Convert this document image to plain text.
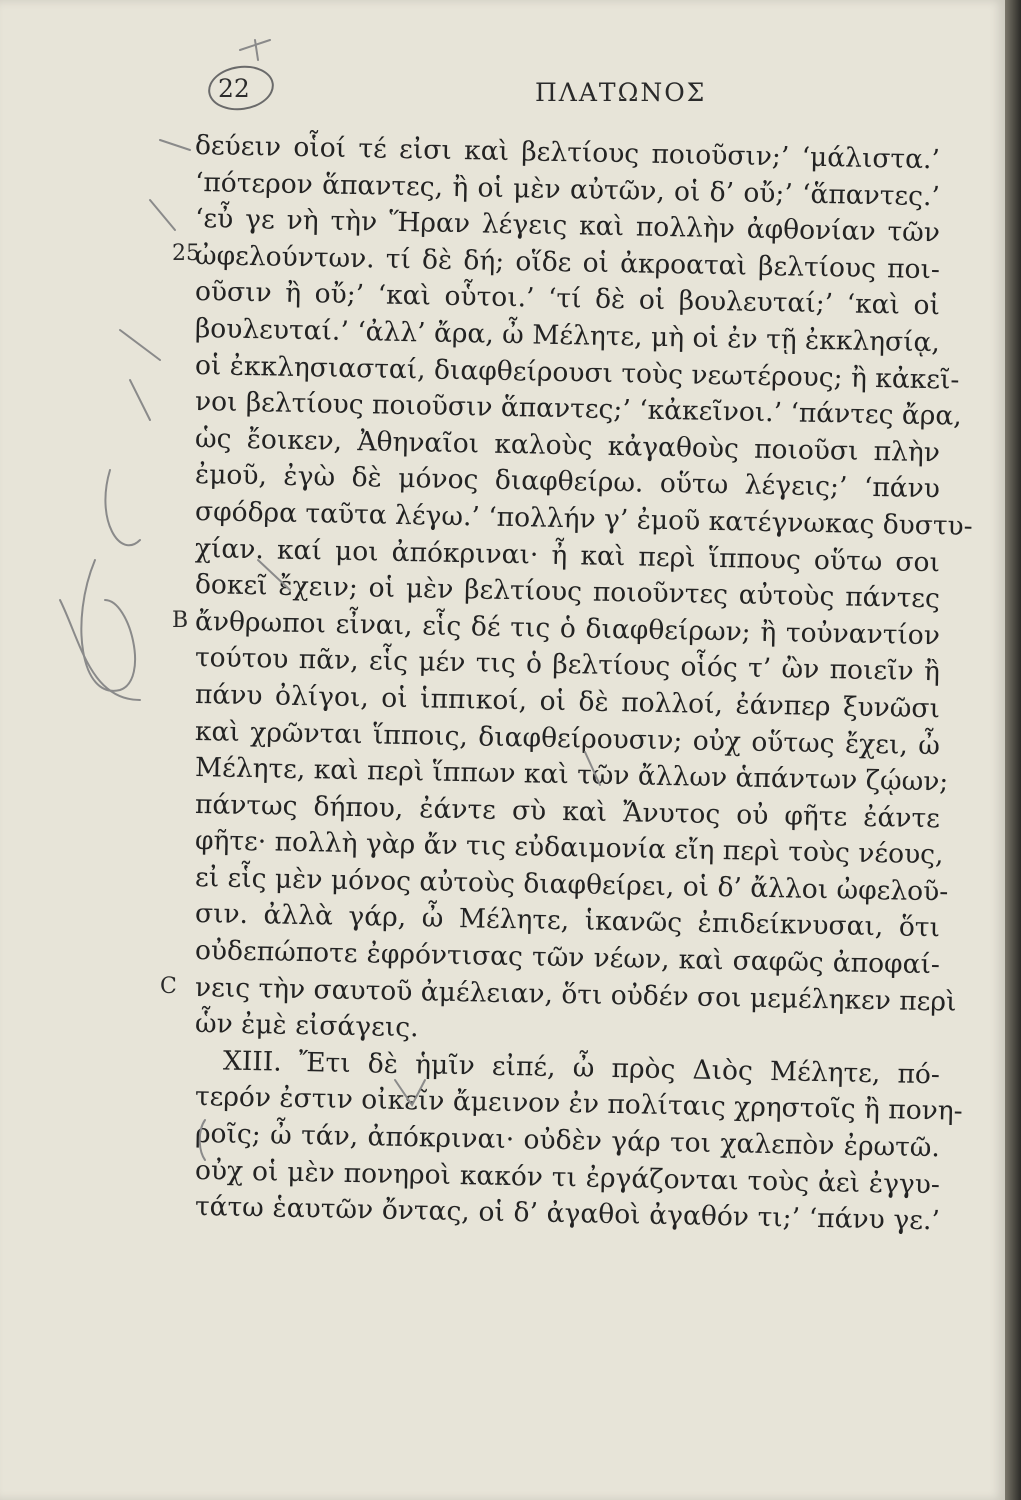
22	ΠΛΑΤΩΝΟΣ
25
B
C
δεύειν οἷοί τέ εἰσι καὶ βελτίους ποιοῦσιν;’ ‘μάλιστα.’
‘πότερον ἅπαντες, ἢ οἱ μὲν αὐτῶν, οἱ δ’ οὔ;’ ‘ἅπαντες.’
‘εὖ γε νὴ τὴν Ἥραν λέγεις καὶ πολλὴν ἀφθονίαν τῶν
ὠφελούντων. τί δὲ δή; οἵδε οἱ ἀκροαταὶ βελτίους ποι-
οῦσιν ἢ οὔ;’ ‘καὶ οὗτοι.’ ‘τί δὲ οἱ βουλευταί;’ ‘καὶ οἱ
βουλευταί.’ ‘ἀλλ’ ἄρα, ὦ Μέλητε, μὴ οἱ ἐν τῇ ἐκκλησίᾳ,
οἱ ἐκκλησιασταί, διαφθείρουσι τοὺς νεωτέρους; ἢ κἀκεῖ-
νοι βελτίους ποιοῦσιν ἅπαντες;’ ‘κἀκεῖνοι.’ ‘πάντες ἄρα,
ὡς ἔοικεν, Ἀθηναῖοι καλοὺς κἀγαθοὺς ποιοῦσι πλὴν
ἐμοῦ, ἐγὼ δὲ μόνος διαφθείρω. οὕτω λέγεις;’ ‘πάνυ
σφόδρα ταῦτα λέγω.’ ‘πολλήν γ’ ἐμοῦ κατέγνωκας δυστυ-
χίαν. καί μοι ἀπόκριναι· ἦ καὶ περὶ ἵππους οὕτω σοι
δοκεῖ ἔχειν; οἱ μὲν βελτίους ποιοῦντες αὐτοὺς πάντες
ἄνθρωποι εἶναι, εἷς δέ τις ὁ διαφθείρων; ἢ τοὐναντίον
τούτου πᾶν, εἷς μέν τις ὁ βελτίους οἷός τ’ ὢν ποιεῖν ἢ
πάνυ ὀλίγοι, οἱ ἱππικοί, οἱ δὲ πολλοί, ἐάνπερ ξυνῶσι
καὶ χρῶνται ἵπποις, διαφθείρουσιν; οὐχ οὕτως ἔχει, ὦ
Μέλητε, καὶ περὶ ἵππων καὶ τῶν ἄλλων ἁπάντων ζῴων;
πάντως δήπου, ἐάντε σὺ καὶ Ἄνυτος οὐ φῆτε ἐάντε
φῆτε· πολλὴ γὰρ ἄν τις εὐδαιμονία εἴη περὶ τοὺς νέους,
εἰ εἷς μὲν μόνος αὐτοὺς διαφθείρει, οἱ δ’ ἄλλοι ὠφελοῦ-
σιν. ἀλλὰ γάρ, ὦ Μέλητε, ἱκανῶς ἐπιδείκνυσαι, ὅτι
οὐδεπώποτε ἐφρόντισας τῶν νέων, καὶ σαφῶς ἀποφαί-
νεις τὴν σαυτοῦ ἀμέλειαν, ὅτι οὐδέν σοι μεμέληκεν περὶ
ὧν ἐμὲ εἰσάγεις.
XIII. Ἔτι δὲ ἡμῖν εἰπέ, ὦ πρὸς Διὸς Μέλητε, πό-
τερόν ἐστιν οἰκεῖν ἄμεινον ἐν πολίταις χρηστοῖς ἢ πονη-
ροῖς; ὦ τάν, ἀπόκριναι· οὐδὲν γάρ τοι χαλεπὸν ἐρωτῶ.
οὐχ οἱ μὲν πονηροὶ κακόν τι ἐργάζονται τοὺς ἀεὶ ἐγγυ-
τάτω ἑαυτῶν ὄντας, οἱ δ’ ἀγαθοὶ ἀγαθόν τι;’ ‘πάνυ γε.’
